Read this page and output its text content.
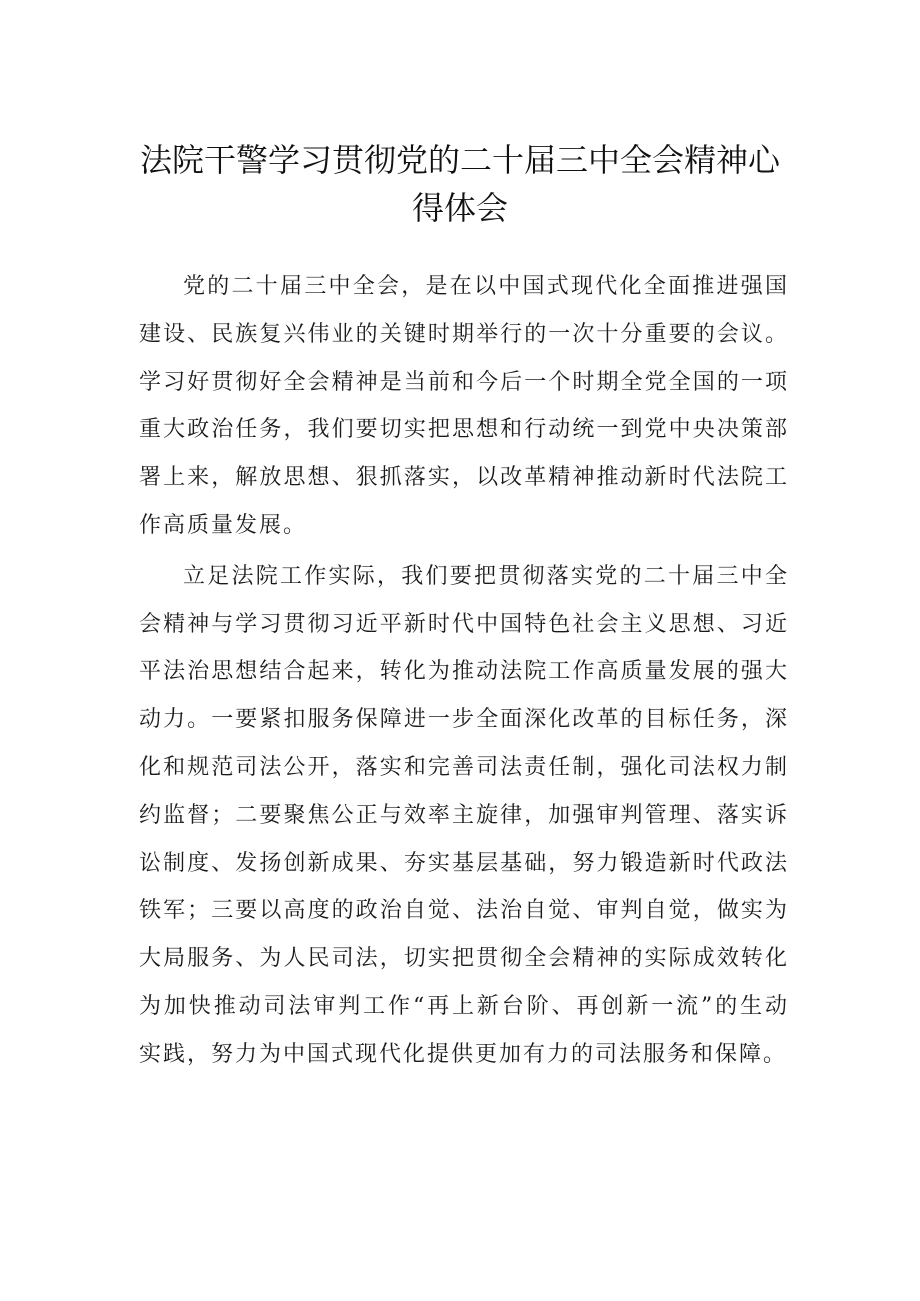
法院干警学习贯彻党的二十届三中全会精神心得体会

党的二十届三中全会，是在以中国式现代化全面推进强国建设、民族复兴伟业的关键时期举行的一次十分重要的会议。学习好贯彻好全会精神是当前和今后一个时期全党全国的一项重大政治任务，我们要切实把思想和行动统一到党中央决策部署上来，解放思想、狠抓落实，以改革精神推动新时代法院工作高质量发展。

立足法院工作实际，我们要把贯彻落实党的二十届三中全会精神与学习贯彻习近平新时代中国特色社会主义思想、习近平法治思想结合起来，转化为推动法院工作高质量发展的强大动力。一要紧扣服务保障进一步全面深化改革的目标任务，深化和规范司法公开，落实和完善司法责任制，强化司法权力制约监督；二要聚焦公正与效率主旋律，加强审判管理、落实诉讼制度、发扬创新成果、夯实基层基础，努力锻造新时代政法铁军；三要以高度的政治自觉、法治自觉、审判自觉，做实为大局服务、为人民司法，切实把贯彻全会精神的实际成效转化为加快推动司法审判工作“再上新台阶、再创新一流”的生动实践，努力为中国式现代化提供更加有力的司法服务和保障。
